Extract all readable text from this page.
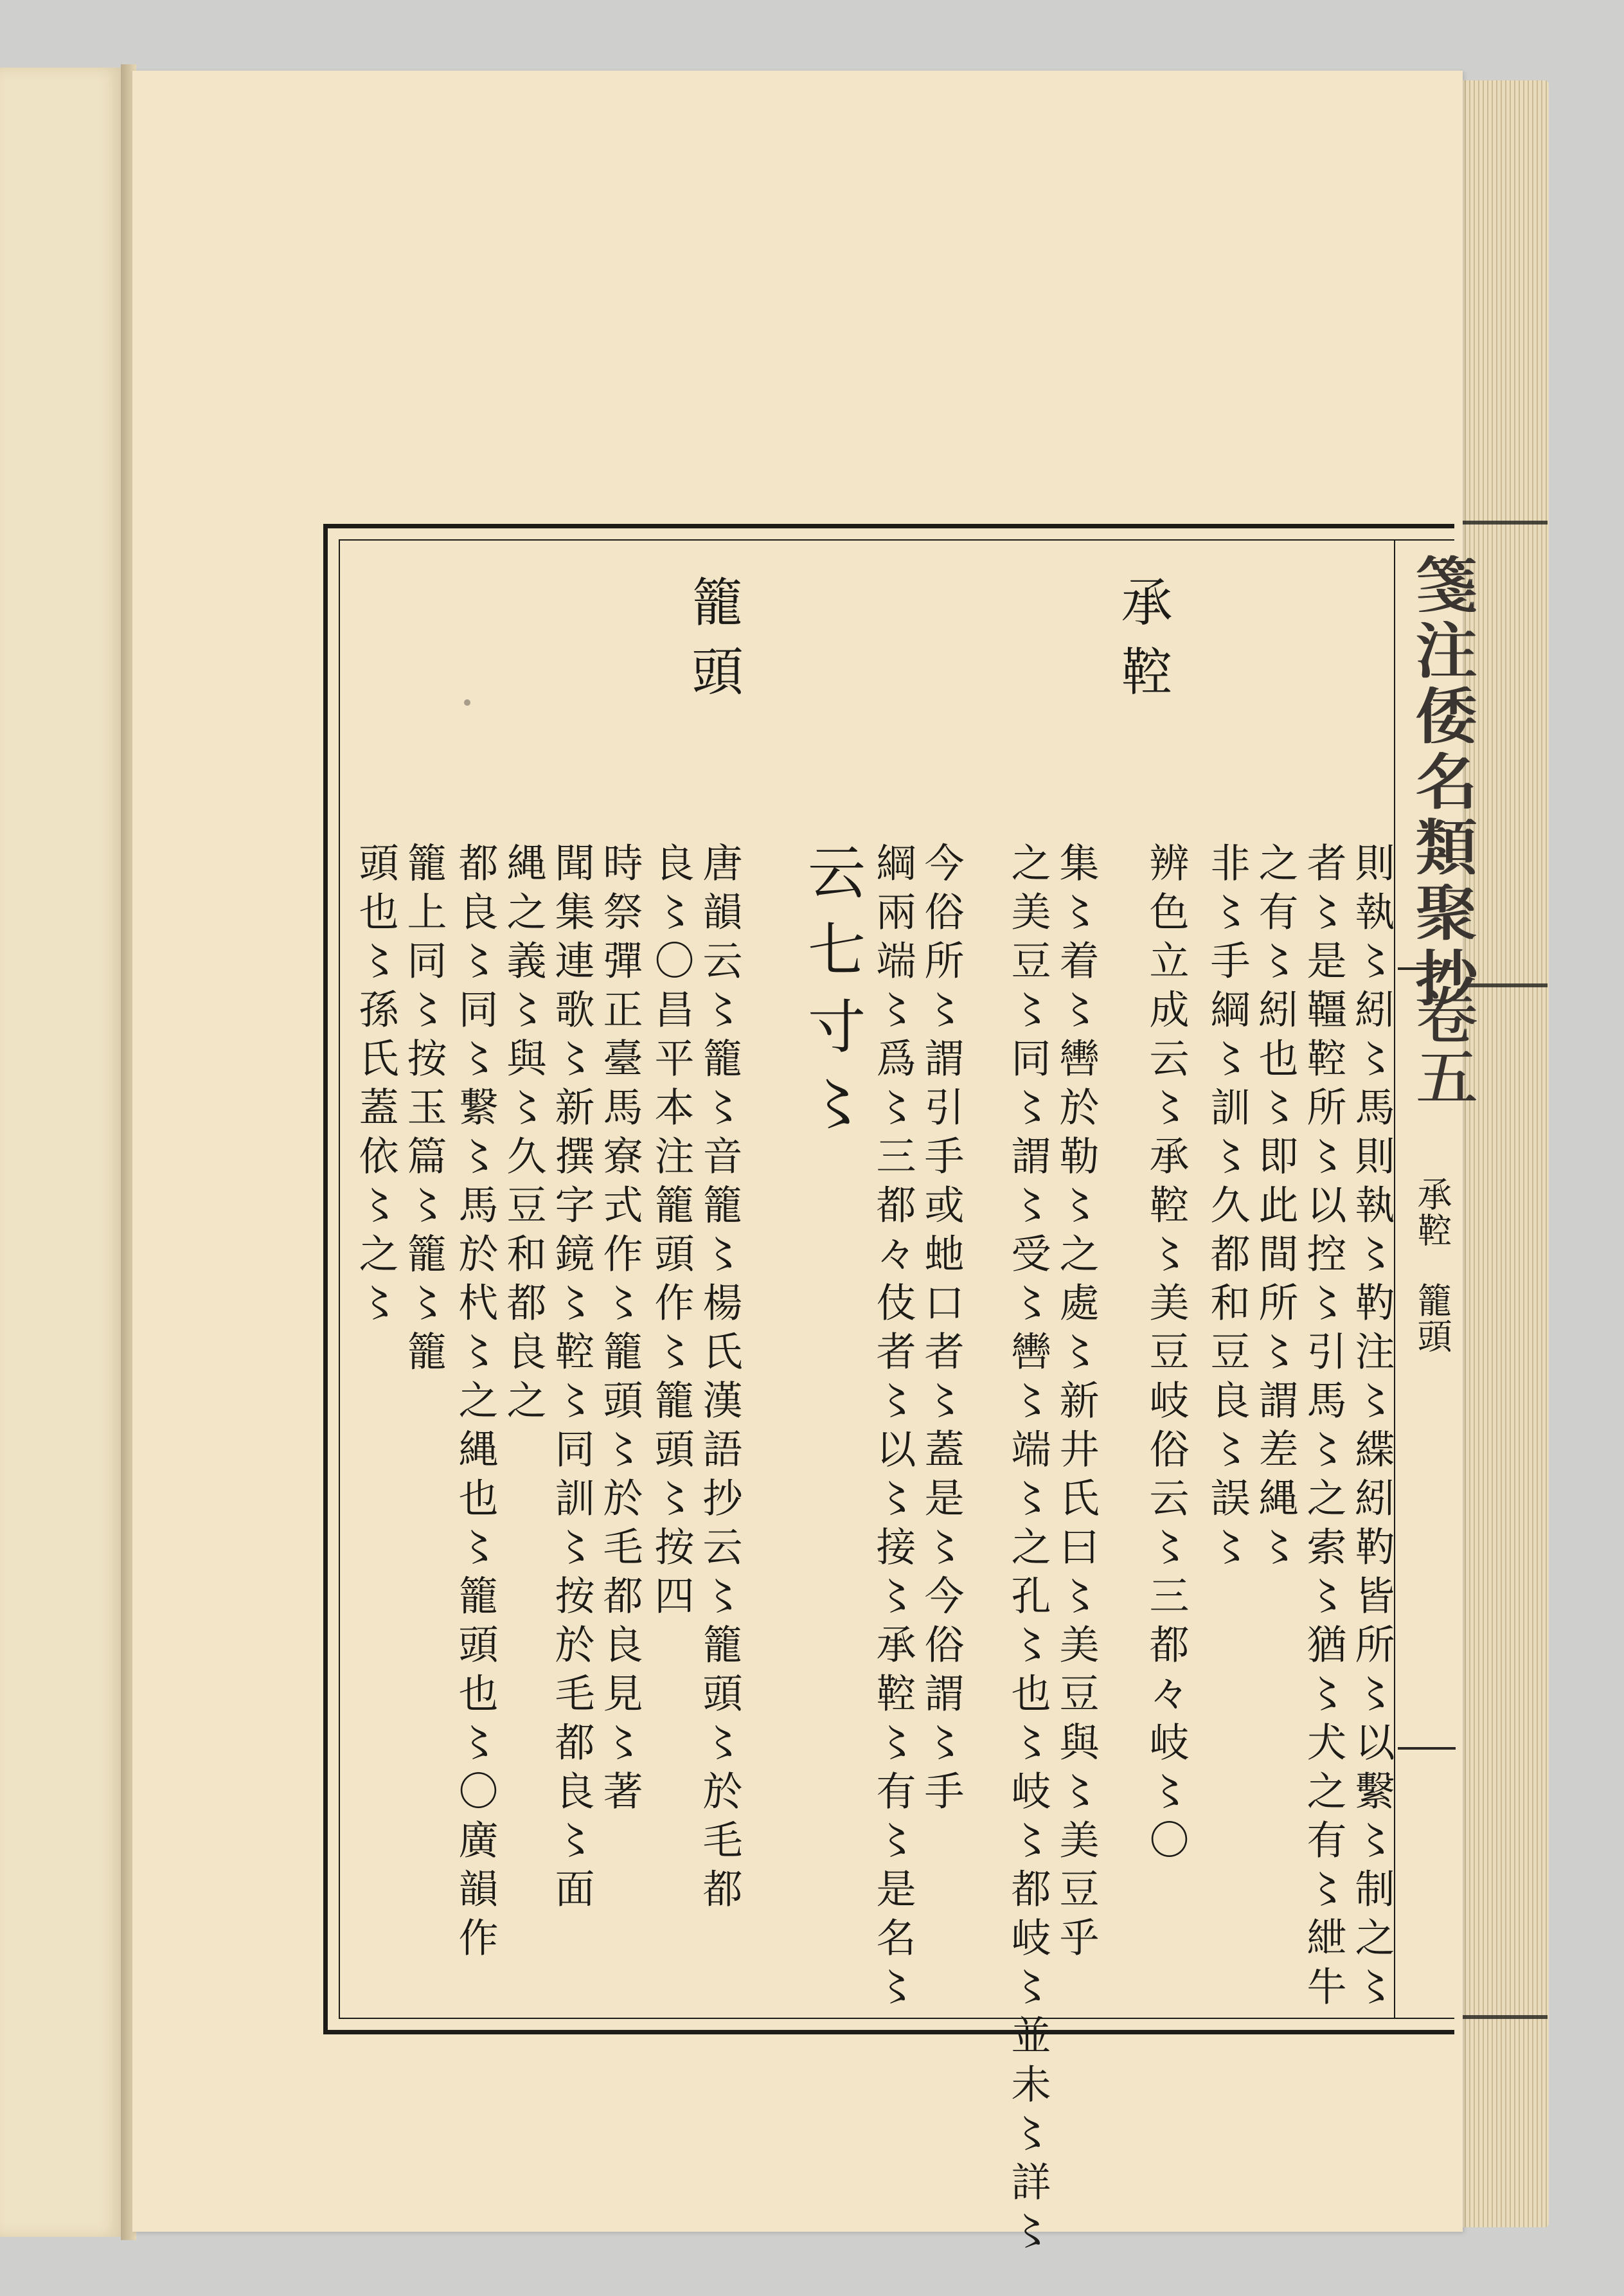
箋注倭名類聚抄
卷五
承鞚
籠頭
承鞚
籠頭
則執〻紖〻馬則執〻靮注〻緤紖靮皆所〻以繫〻制之〻
者〻是韁鞚所〻以控〻引馬〻之索〻猶〻犬之有〻紲牛
之有〻紖也〻即此間所〻謂差縄〻
非〻手綱〻訓〻久都和豆良〻誤〻
辨色立成云〻承鞚〻美豆岐俗云〻三都々岐〻〇
集〻着〻轡於勒〻之處〻新井氏曰〻美豆與〻美豆乎
之美豆〻同〻謂〻受〻轡〻端〻之孔〻也〻岐〻都岐〻並未〻詳〻
今俗所〻謂引手或虵口者〻蓋是〻今俗謂〻手
綱兩端〻爲〻三都々伎者〻以〻接〻承鞚〻有〻是名〻
云七寸〻
唐韻云〻籠〻音籠〻楊氏漢語抄云〻籠頭〻於毛都
良〻〇昌平本注籠頭作〻籠頭〻按四
時祭彈正臺馬寮式作〻籠頭〻於毛都良見〻著
聞集連歌〻新撰字鏡〻鞚〻同訓〻按於毛都良〻面
縄之義〻與〻久豆和都良之
都良〻同〻繋〻馬於杙〻之縄也〻籠頭也〻〇廣韻作
籠上同〻按玉篇〻籠〻籠
頭也〻孫氏蓋依〻之〻
